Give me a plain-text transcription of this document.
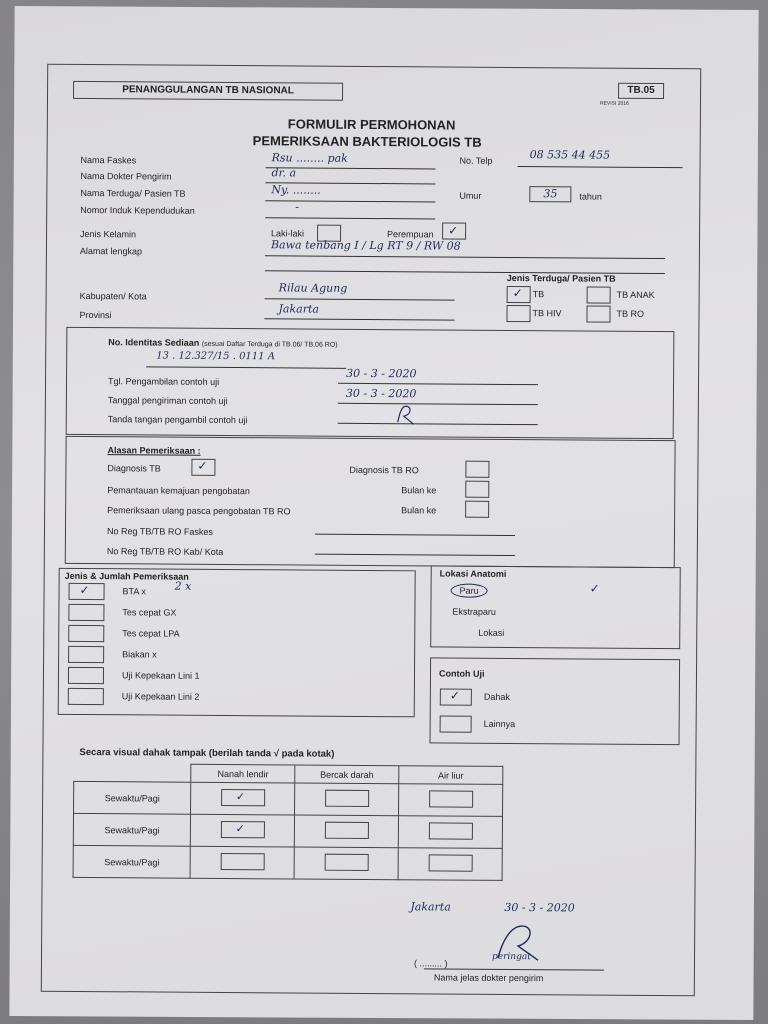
PENANGGULANGAN TB NASIONAL	TB.05
REVISI 2016
FORMULIR PERMOHONAN
PEMERIKSAAN BAKTERIOLOGIS TB
Nama Faskes	Rsu ........ pak	No. Telp	08 535 44 455
Nama Dokter Pengirim	dr. a
Nama Terduga/ Pasien TB	Ny. ........	Umur	35	tahun
Nomor Induk Kependudukan	-
Jenis Kelamin	Laki-laki	Perempuan ✓
Alamat lengkap	Bawa tenbang I / Lg RT 9 / RW 08
Jenis Terduga/ Pasien TB
✓ TB	TB ANAK
Kabupaten/ Kota
Rilau Agung
TB HIV	TB RO
Provinsi	Jakarta
No. Identitas Sediaan (sesuai Daftar Terduga di TB.06/ TB.06 RO)
13 . 12.327/15 . 0111 A
Tgl. Pengambilan contoh uji
30 - 3 - 2020
Tanggal pengiriman contoh uji
30 - 3 - 2020
Tanda tangan pengambil contoh uji
Alasan Pemeriksaan :
Diagnosis TB	✓	Diagnosis TB RO
Pemantauan kemajuan pengobatan	Bulan ke
Pemeriksaan ulang pasca pengobatan TB RO	Bulan ke
No Reg TB/TB RO Faskes
No Reg TB/TB RO Kab/ Kota
Jenis & Jumlah Pemeriksaan
✓	BTA x	2 x
Tes cepat GX
Tes cepat LPA
Biakan x
Uji Kepekaan Lini 1
Uji Kepekaan Lini 2
Lokasi Anatomi
Paru	✓
Ekstraparu
Lokasi
Contoh Uji
✓	Dahak
Lainnya
Secara visual dahak tampak (berilah tanda √ pada kotak)
	Nanah lendir	Bercak darah	Air liur
Sewaktu/Pagi	✓		

Sewaktu/Pagi	✓		

Sewaktu/Pagi	

Jakarta	30 - 3 - 2020
( ......... )
peringat
Nama jelas dokter pengirim
